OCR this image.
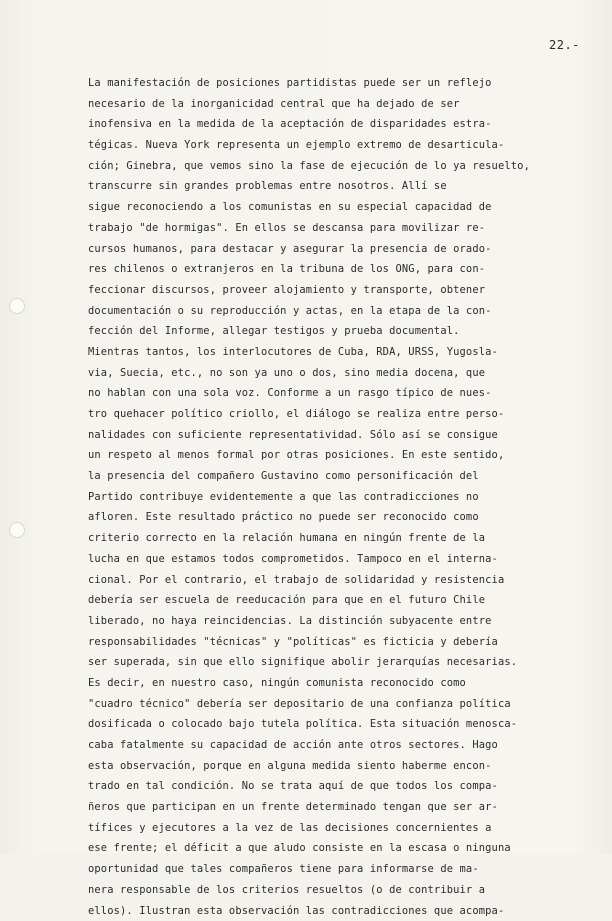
22.-
La manifestación de posiciones partidistas puede ser un reflejo
necesario de la inorganicidad central que ha dejado de ser
inofensiva en la medida de la aceptación de disparidades estra-
tégicas. Nueva York representa un ejemplo extremo de desarticula-
ción; Ginebra, que vemos sino la fase de ejecución de lo ya resuelto,
transcurre sin grandes problemas entre nosotros. Allí se
sigue reconociendo a los comunistas en su especial capacidad de
trabajo "de hormigas". En ellos se descansa para movilizar re-
cursos humanos, para destacar y asegurar la presencia de orado-
res chilenos o extranjeros en la tribuna de los ONG, para con-
feccionar discursos, proveer alojamiento y transporte, obtener
documentación o su reproducción y actas, en la etapa de la con-
fección del Informe, allegar testigos y prueba documental.
Mientras tantos, los interlocutores de Cuba, RDA, URSS, Yugosla-
via, Suecia, etc., no son ya uno o dos, sino media docena, que
no hablan con una sola voz. Conforme a un rasgo típico de nues-
tro quehacer político criollo, el diálogo se realiza entre perso-
nalidades con suficiente representatividad. Sólo así se consigue
un respeto al menos formal por otras posiciones. En este sentido,
la presencia del compañero Gustavino como personificación del
Partido contribuye evidentemente a que las contradicciones no
afloren. Este resultado práctico no puede ser reconocido como
criterio correcto en la relación humana en ningún frente de la
lucha en que estamos todos comprometidos. Tampoco en el interna-
cional. Por el contrario, el trabajo de solidaridad y resistencia
debería ser escuela de reeducación para que en el futuro Chile
liberado, no haya reincidencias. La distinción subyacente entre
responsabilidades "técnicas" y "políticas" es ficticia y debería
ser superada, sin que ello signifique abolir jerarquías necesarias.
Es decir, en nuestro caso, ningún comunista reconocido como
"cuadro técnico" debería ser depositario de una confianza política
dosificada o colocado bajo tutela política. Esta situación menosca-
caba fatalmente su capacidad de acción ante otros sectores. Hago
esta observación, porque en alguna medida siento haberme encon-
trado en tal condición. No se trata aquí de que todos los compa-
ñeros que participan en un frente determinado tengan que ser ar-
tífices y ejecutores a la vez de las decisiones concernientes a
ese frente; el déficit a que aludo consiste en la escasa o ninguna
oportunidad que tales compañeros tiene para informarse de ma-
nera responsable de los criterios resueltos (o de contribuir a
ellos). Ilustran esta observación las contradicciones que acompa-
